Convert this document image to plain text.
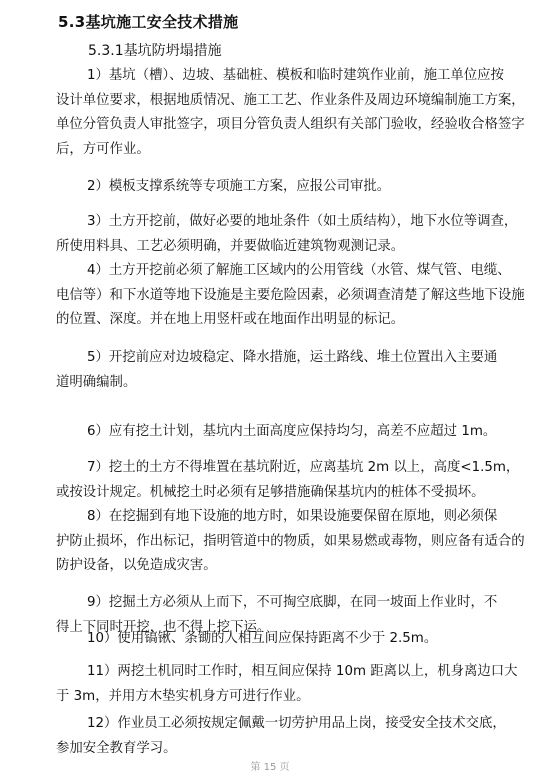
5.3基坑施工安全技术措施
5.3.1基坑防坍塌措施
1）基坑（槽）、边坡、基础桩、模板和临时建筑作业前，施工单位应按
设计单位要求，根据地质情况、施工工艺、作业条件及周边环境编制施工方案，
单位分管负责人审批签字，项目分管负责人组织有关部门验收，经验收合格签字
后，方可作业。
2）模板支撑系统等专项施工方案，应报公司审批。
3）土方开挖前，做好必要的地址条件（如土质结构），地下水位等调查，
所使用料具、工艺必须明确，并要做临近建筑物观测记录。
4）土方开挖前必须了解施工区域内的公用管线（水管、煤气管、电缆、
电信等）和下水道等地下设施是主要危险因素，必须调查清楚了解这些地下设施
的位置、深度。并在地上用竖杆或在地面作出明显的标记。
5）开挖前应对边坡稳定、降水措施，运土路线、堆土位置出入主要通
道明确编制。
6）应有挖土计划，基坑内土面高度应保持均匀，高差不应超过 1m。
7）挖土的土方不得堆置在基坑附近，应离基坑 2m 以上，高度<1.5m，
或按设计规定。机械挖土时必须有足够措施确保基坑内的桩体不受损坏。
8）在挖掘到有地下设施的地方时，如果设施要保留在原地，则必须保
护防止损坏，作出标记，指明管道中的物质，如果易燃或毒物，则应备有适合的
防护设备，以免造成灾害。
9）挖掘土方必须从上而下，不可掏空底脚，在同一坡面上作业时，不
得上下同时开挖，也不得上挖下运。
10）使用镐锹、条锄的人相互间应保持距离不少于 2.5m。
11）两挖土机同时工作时，相互间应保持 10m 距离以上，机身离边口大
于 3m，并用方木垫实机身方可进行作业。
12）作业员工必须按规定佩戴一切劳护用品上岗，接受安全技术交底，
参加安全教育学习。
第 15 页
